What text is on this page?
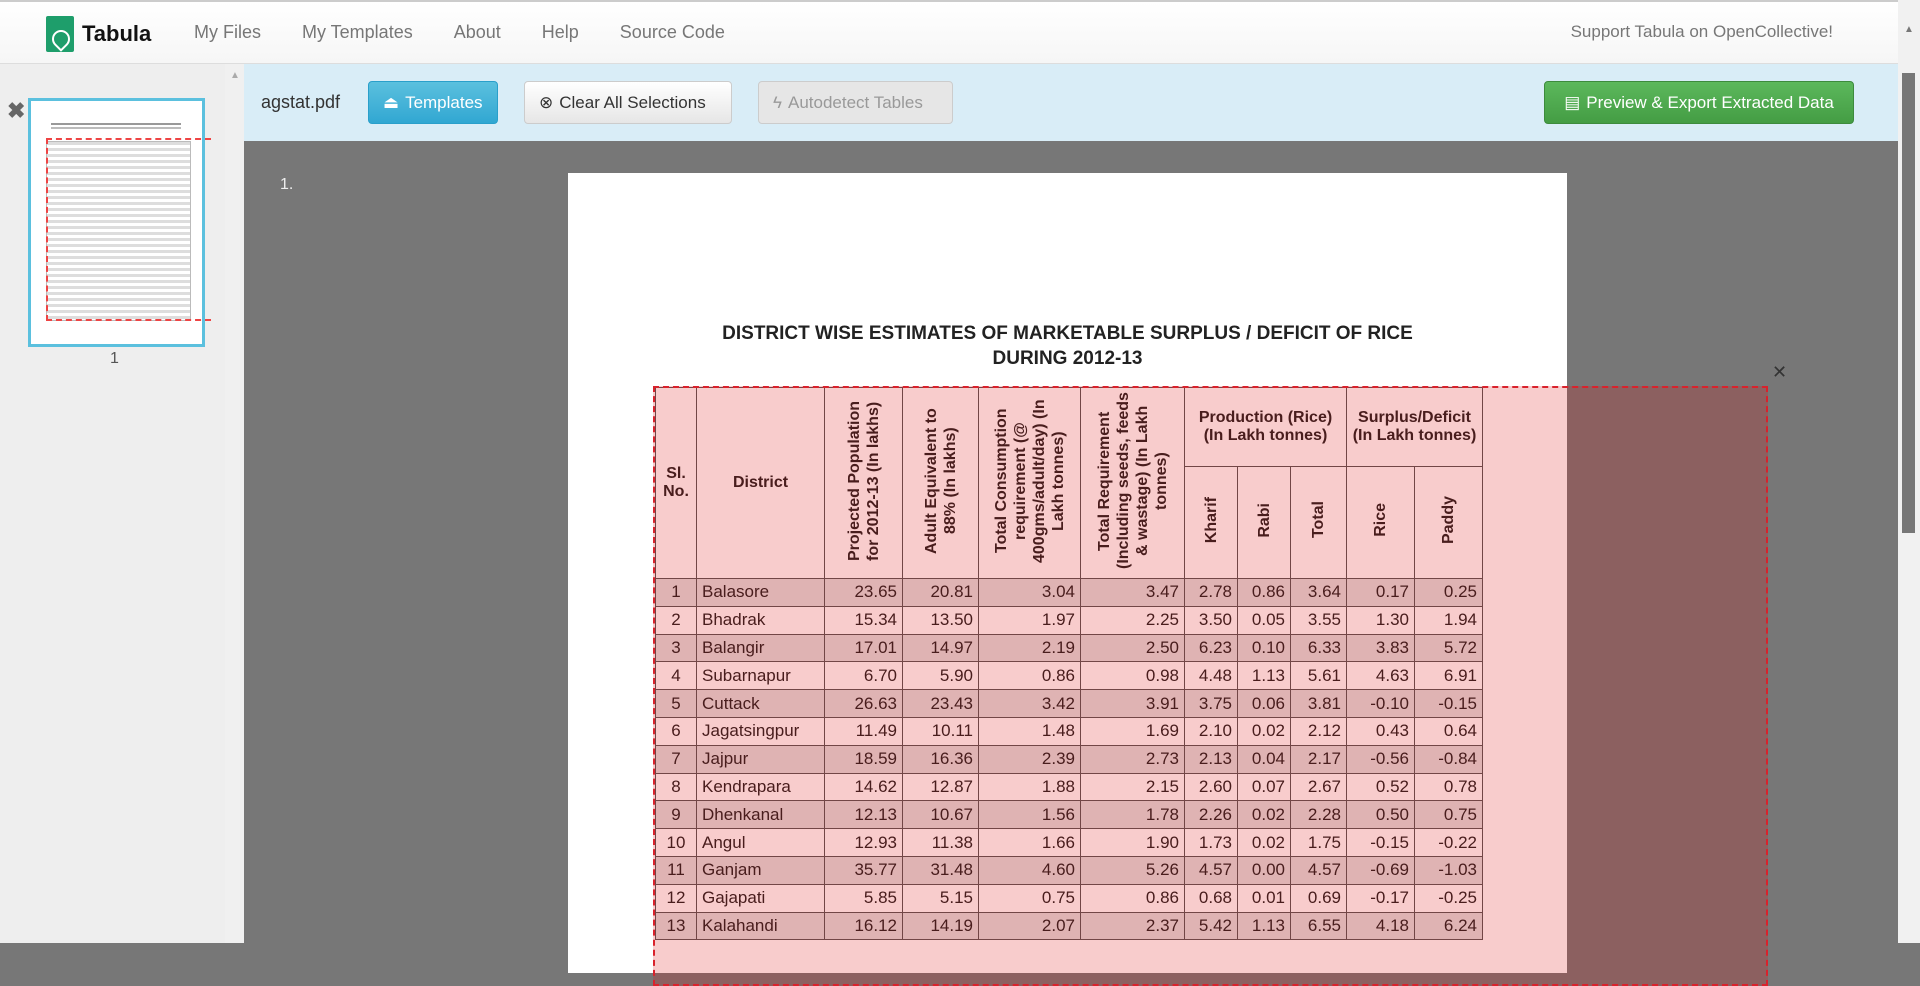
Tabula My Files My Templates About Help Source Code	Support Tabula on OpenCollective!
✖
1
▲
agstat.pdf	⏏ Templates	⊗ Clear All Selections	ϟ Autodetect Tables	▤ Preview & Export Extracted Data
1.
DISTRICT WISE ESTIMATES OF MARKETABLE SURPLUS / DEFICIT OF RICE
DURING 2012-13
Sl. No.	District	Projected Population for 2012-13 (In lakhs)	Adult Equivalent to 88% (In lakhs)	Total Consumption requirement (@ 400gms/adult/day) (In Lakh tonnes)	Total Requirement (Including seeds, feeds & wastage) (In Lakh tonnes)	Production (Rice) (In Lakh tonnes)			Surplus/Deficit (In Lakh tonnes)	
						Kharif	Rabi	Total	Rice	Paddy
1	Balasore	23.65	20.81	3.04	3.47	2.78	0.86	3.64	0.17	0.25
2	Bhadrak	15.34	13.50	1.97	2.25	3.50	0.05	3.55	1.30	1.94
3	Balangir	17.01	14.97	2.19	2.50	6.23	0.10	6.33	3.83	5.72
4	Subarnapur	6.70	5.90	0.86	0.98	4.48	1.13	5.61	4.63	6.91
5	Cuttack	26.63	23.43	3.42	3.91	3.75	0.06	3.81	-0.10	-0.15
6	Jagatsingpur	11.49	10.11	1.48	1.69	2.10	0.02	2.12	0.43	0.64
7	Jajpur	18.59	16.36	2.39	2.73	2.13	0.04	2.17	-0.56	-0.84
8	Kendrapara	14.62	12.87	1.88	2.15	2.60	0.07	2.67	0.52	0.78
9	Dhenkanal	12.13	10.67	1.56	1.78	2.26	0.02	2.28	0.50	0.75
10	Angul	12.93	11.38	1.66	1.90	1.73	0.02	1.75	-0.15	-0.22
11	Ganjam	35.77	31.48	4.60	5.26	4.57	0.00	4.57	-0.69	-1.03
12	Gajapati	5.85	5.15	0.75	0.86	0.68	0.01	0.69	-0.17	-0.25
13	Kalahandi	16.12	14.19	2.07	2.37	5.42	1.13	6.55	4.18	6.24
✕
▲
